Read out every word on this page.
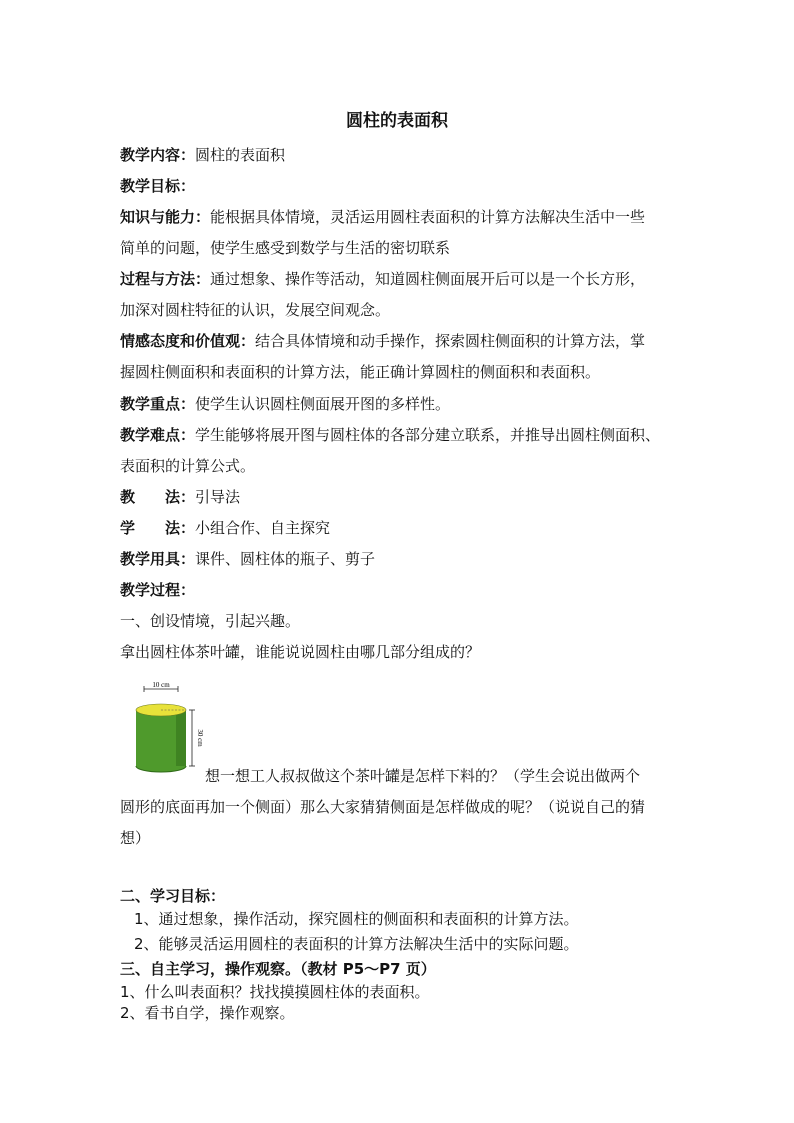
圆柱的表面积
教学内容：圆柱的表面积
教学目标：
知识与能力：能根据具体情境，灵活运用圆柱表面积的计算方法解决生活中一些
简单的问题，使学生感受到数学与生活的密切联系
过程与方法：通过想象、操作等活动，知道圆柱侧面展开后可以是一个长方形，
加深对圆柱特征的认识，发展空间观念。
情感态度和价值观：结合具体情境和动手操作，探索圆柱侧面积的计算方法，掌
握圆柱侧面积和表面积的计算方法，能正确计算圆柱的侧面积和表面积。
教学重点：使学生认识圆柱侧面展开图的多样性。
教学难点：学生能够将展开图与圆柱体的各部分建立联系，并推导出圆柱侧面积、
表面积的计算公式。
教　　法：引导法
学　　法：小组合作、自主探究
教学用具：课件、圆柱体的瓶子、剪子
教学过程：
一、创设情境，引起兴趣。
拿出圆柱体茶叶罐，谁能说说圆柱由哪几部分组成的？
10 cm
30 cm
想一想工人叔叔做这个茶叶罐是怎样下料的？（学生会说出做两个
圆形的底面再加一个侧面）那么大家猜猜侧面是怎样做成的呢？（说说自己的猜
想）
二、学习目标：
1、通过想象，操作活动，探究圆柱的侧面积和表面积的计算方法。
2、能够灵活运用圆柱的表面积的计算方法解决生活中的实际问题。
三、自主学习，操作观察。（教材 P5～P7 页）
1、什么叫表面积？找找摸摸圆柱体的表面积。
2、看书自学，操作观察。
